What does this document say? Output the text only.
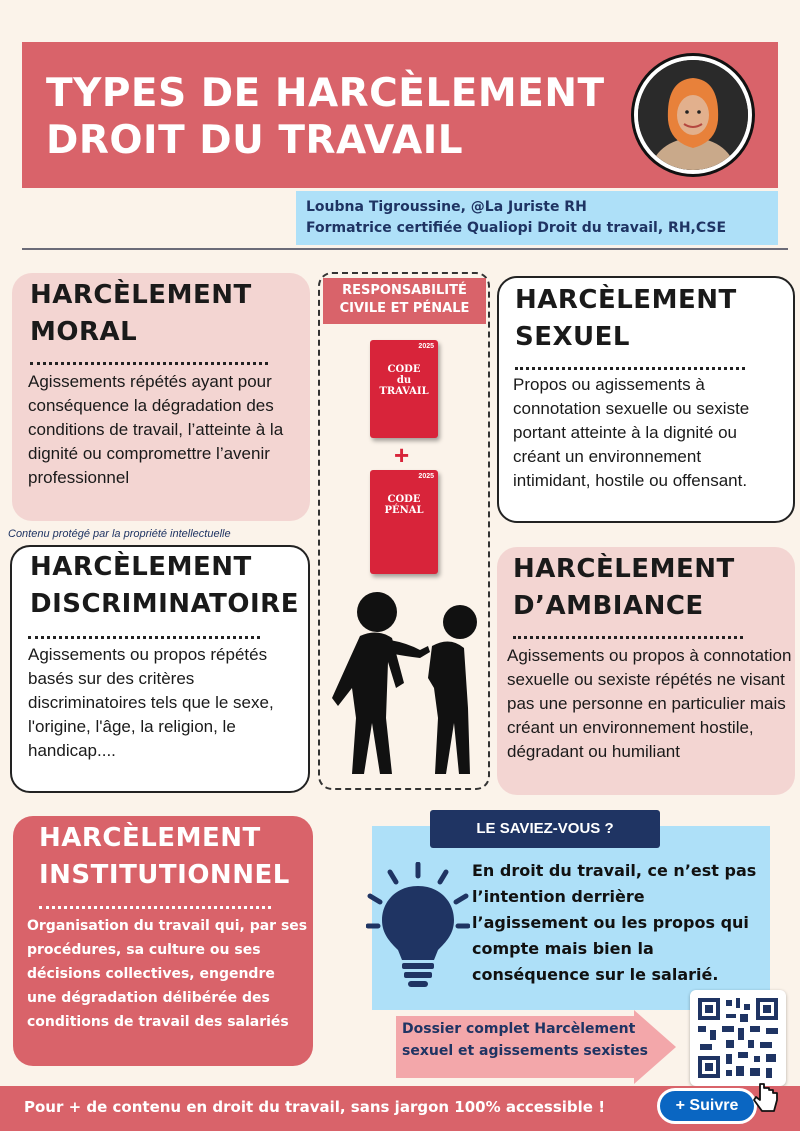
TYPES DE HARCÈLEMENT
DROIT DU TRAVAIL
Loubna Tigroussine, @La Juriste RH
Formatrice certifiée Qualiopi Droit du travail, RH,CSE
HARCÈLEMENT
MORAL
Agissements répétés ayant pour conséquence la dégradation des conditions de travail, l’atteinte à la dignité ou compromettre l’avenir professionnel
RESPONSABILITÉ
CIVILE ET PÉNALE
2025
CODE
du
TRAVAIL
+
2025
CODE
PÉNAL
HARCÈLEMENT
SEXUEL
Propos ou agissements à connotation sexuelle ou sexiste portant atteinte à la dignité ou créant un environnement intimidant, hostile ou offensant.
Contenu protégé par la propriété intellectuelle
HARCÈLEMENT
DISCRIMINATOIRE
Agissements ou propos répétés basés sur des critères discriminatoires tels que le sexe, l'origine, l'âge, la religion, le handicap....
HARCÈLEMENT
D’AMBIANCE
Agissements ou propos à connotation sexuelle ou sexiste répétés ne visant pas une personne en particulier mais créant un environnement hostile, dégradant ou humiliant
HARCÈLEMENT
INSTITUTIONNEL
Organisation du travail qui, par ses procédures, sa culture ou ses décisions collectives, engendre une dégradation délibérée des conditions de travail des salariés
LE SAVIEZ-VOUS ?
En droit du travail, ce n’est pas l’intention derrière l’agissement ou les propos qui compte mais bien la conséquence sur le salarié.
Dossier complet Harcèlement sexuel et agissements sexistes
Pour + de contenu en droit du travail, sans jargon 100% accessible !	+ Suivre
